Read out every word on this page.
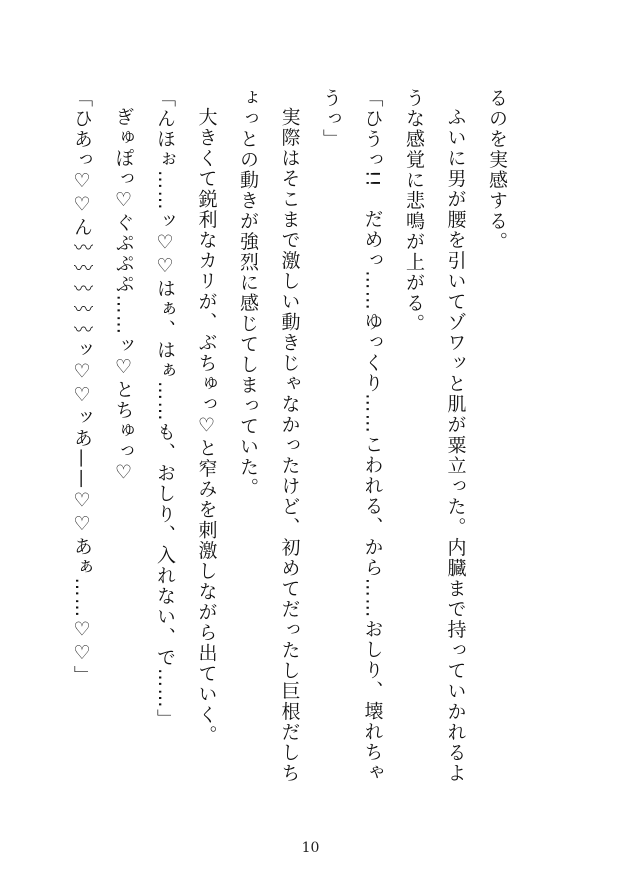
るのを実感する。

ふいに男が腰を引いてゾワッと肌が粟立った。内臓まで持っていかれるような感覚に悲鳴が上がる。

「ひうっ!!　だめっ……ゆっくり……こわれる、から……おしり、壊れちゃうっ」

実際はそこまで激しい動きじゃなかったけど、初めてだったし巨根だしちょっとの動きが強烈に感じてしまっていた。

大きくて鋭利なカリが、ぶちゅっ♡と窄みを刺激しながら出ていく。

「んほぉ……ッ♡♡はぁ、はぁ……も、おしり、入れない、で……」

ぎゅぽっ♡ぐぷぷぷ……ッ♡とちゅっ♡

「ひあっ♡♡ん〰〰〰〰〰ッ♡♡ッあ——♡♡あぁ……♡♡」

10
